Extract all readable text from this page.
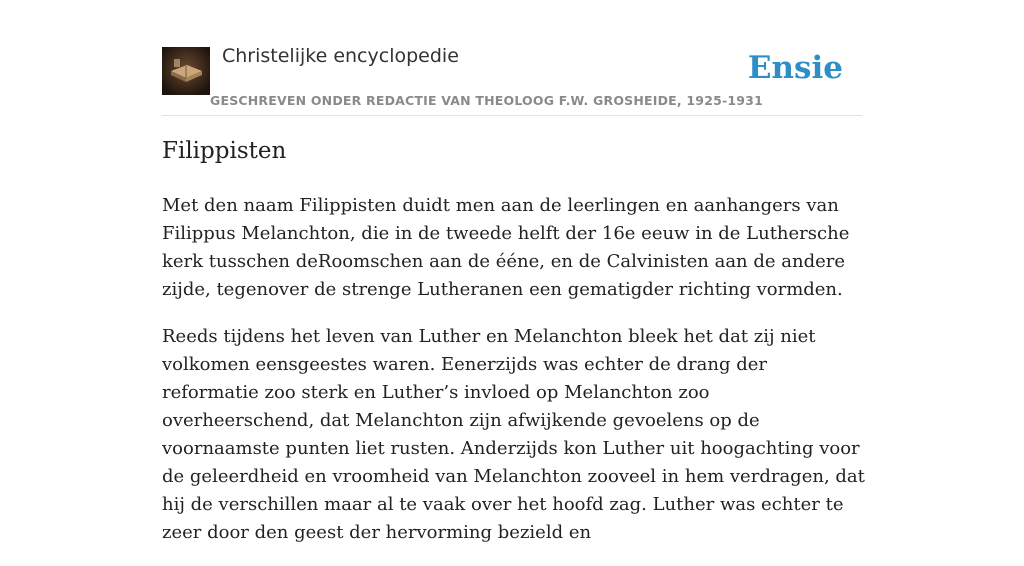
Christelijke encyclopedie
GESCHREVEN ONDER REDACTIE VAN THEOLOOG F.W. GROSHEIDE, 1925-1931
Ensie
Filippisten

Met den naam Filippisten duidt men aan de leerlingen en aanhangers van Filippus Melanchton, die in de tweede helft der 16e eeuw in de Luthersche kerk tusschen deRoomschen aan de ééne, en de Calvinisten aan de andere zijde, tegenover de strenge Lutheranen een gematigder richting vormden.

Reeds tijdens het leven van Luther en Melanchton bleek het dat zij niet volkomen eensgeestes waren. Eenerzijds was echter de drang der reformatie zoo sterk en Luther’s invloed op Melanchton zoo overheerschend, dat Melanchton zijn afwijkende gevoelens op de voornaamste punten liet rusten. Anderzijds kon Luther uit hoogachting voor de geleerdheid en vroomheid van Melanchton zooveel in hem verdragen, dat hij de verschillen maar al te vaak over het hoofd zag. Luther was echter te zeer door den geest der hervorming bezield en
